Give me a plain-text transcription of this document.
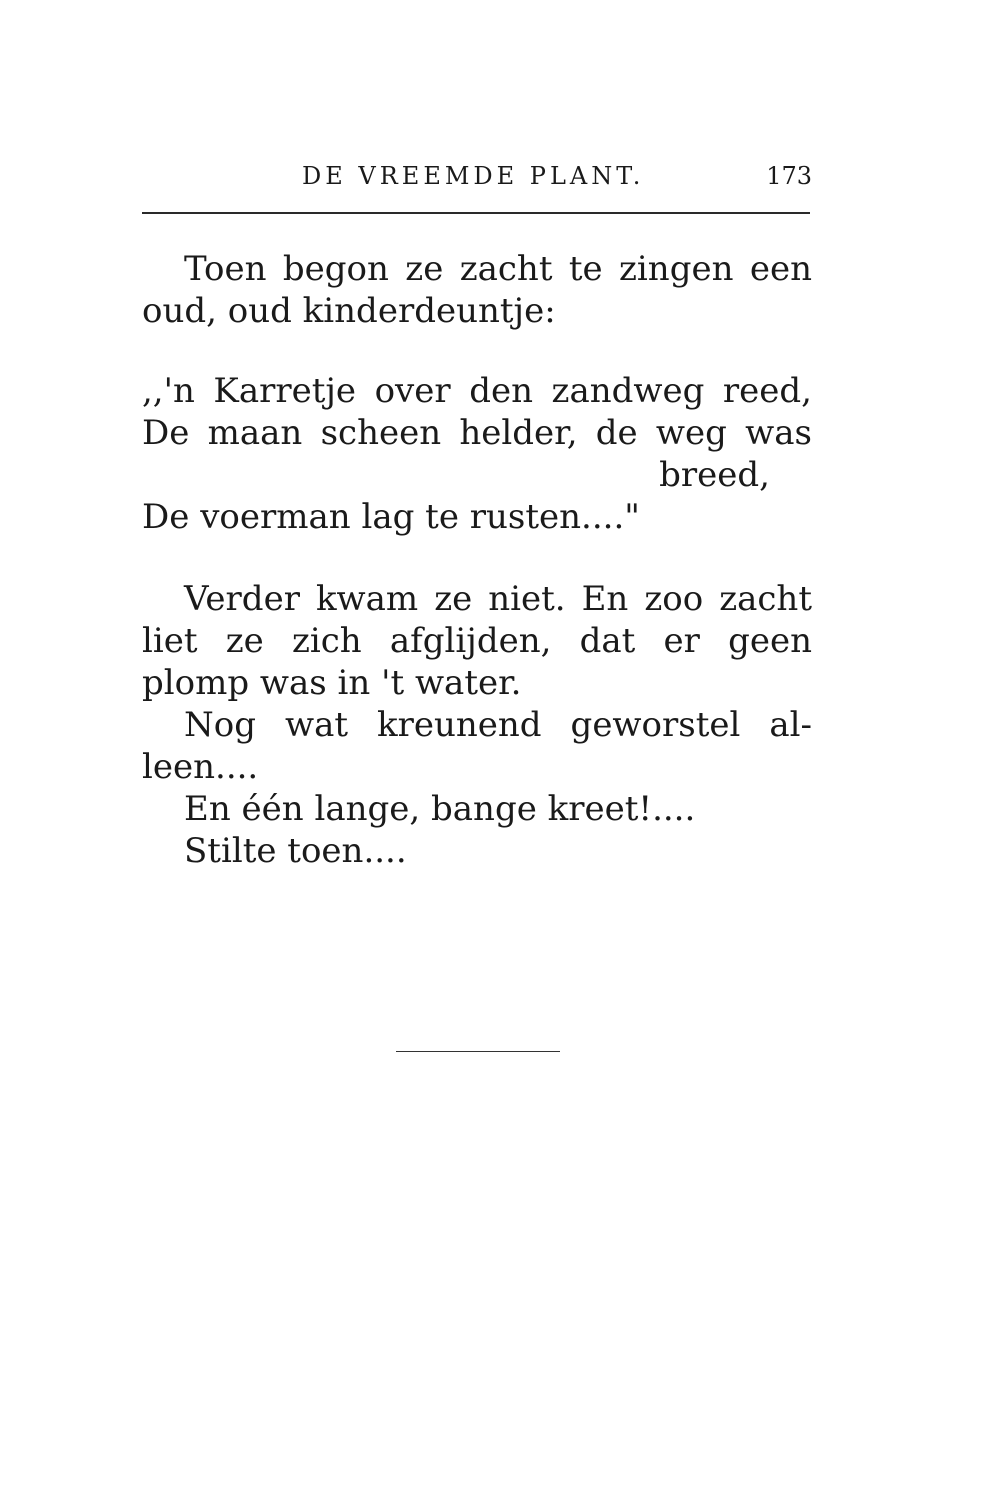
DE VREEMDE PLANT.	173
Toen begon ze zacht te zingen een
oud, oud kinderdeuntje:
,,'n Karretje over den zandweg reed,
De maan scheen helder, de weg was
breed,
De voerman lag te rusten...."
Verder kwam ze niet. En zoo zacht
liet ze zich afglijden, dat er geen
plomp was in 't water.
Nog wat kreunend geworstel al-
leen....
En één lange, bange kreet!....
Stilte toen....
